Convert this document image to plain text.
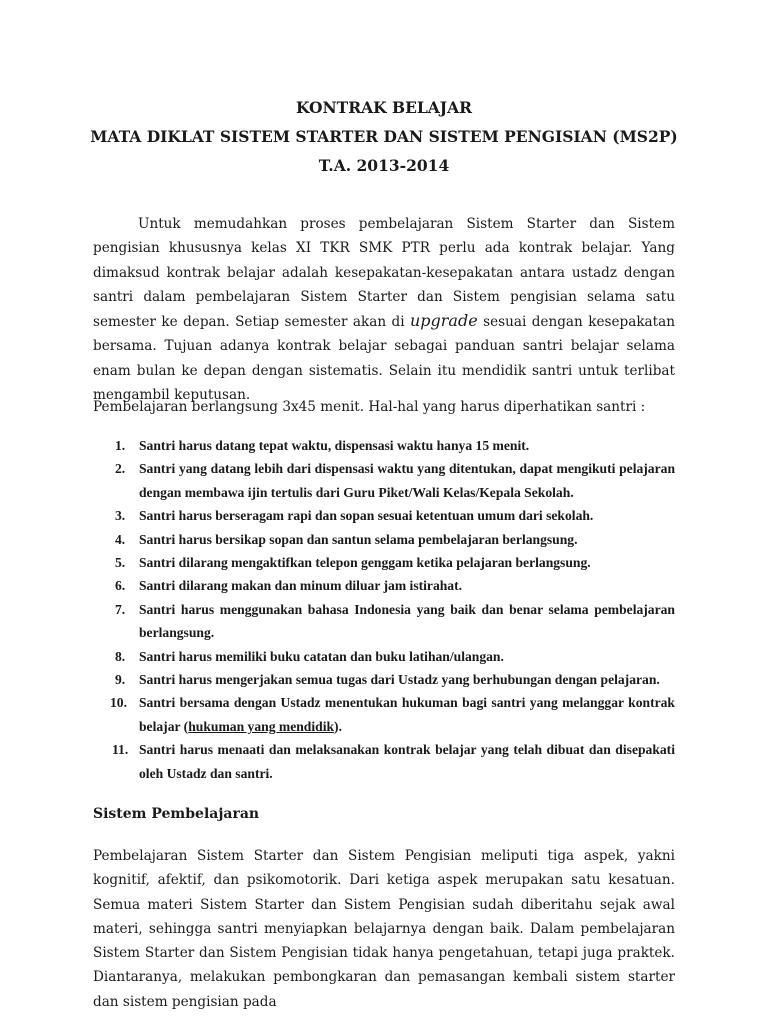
KONTRAK BELAJAR
MATA DIKLAT SISTEM STARTER DAN SISTEM PENGISIAN (MS2P)
T.A. 2013-2014

Untuk memudahkan proses pembelajaran Sistem Starter dan Sistem pengisian khususnya kelas XI TKR SMK PTR perlu ada kontrak belajar. Yang dimaksud kontrak belajar adalah kesepakatan-kesepakatan antara ustadz dengan santri dalam pembelajaran Sistem Starter dan Sistem pengisian selama satu semester ke depan. Setiap semester akan di upgrade sesuai dengan kesepakatan bersama. Tujuan adanya kontrak belajar sebagai panduan santri belajar selama enam bulan ke depan dengan sistematis. Selain itu mendidik santri untuk terlibat mengambil keputusan.

Pembelajaran berlangsung 3x45 menit. Hal-hal yang harus diperhatikan santri :
1. Santri harus datang tepat waktu, dispensasi waktu hanya 15 menit.
2. Santri yang datang lebih dari dispensasi waktu yang ditentukan, dapat mengikuti pelajaran dengan membawa ijin tertulis dari Guru Piket/Wali Kelas/Kepala Sekolah.
3. Santri harus berseragam rapi dan sopan sesuai ketentuan umum dari sekolah.
4. Santri harus bersikap sopan dan santun selama pembelajaran berlangsung.
5. Santri dilarang mengaktifkan telepon genggam ketika pelajaran berlangsung.
6. Santri dilarang makan dan minum diluar jam istirahat.
7. Santri harus menggunakan bahasa Indonesia yang baik dan benar selama pembelajaran berlangsung.
8. Santri harus memiliki buku catatan dan buku latihan/ulangan.
9. Santri harus mengerjakan semua tugas dari Ustadz yang berhubungan dengan pelajaran.
10. Santri bersama dengan Ustadz menentukan hukuman bagi santri yang melanggar kontrak belajar (hukuman yang mendidik).
11. Santri harus menaati dan melaksanakan kontrak belajar yang telah dibuat dan disepakati oleh Ustadz dan santri.
Sistem Pembelajaran

Pembelajaran Sistem Starter dan Sistem Pengisian meliputi tiga aspek, yakni kognitif, afektif, dan psikomotorik. Dari ketiga aspek merupakan satu kesatuan. Semua materi Sistem Starter dan Sistem Pengisian sudah diberitahu sejak awal materi, sehingga santri menyiapkan belajarnya dengan baik. Dalam pembelajaran Sistem Starter dan Sistem Pengisian tidak hanya pengetahuan, tetapi juga praktek. Diantaranya, melakukan pembongkaran dan pemasangan kembali sistem starter dan sistem pengisian pada
